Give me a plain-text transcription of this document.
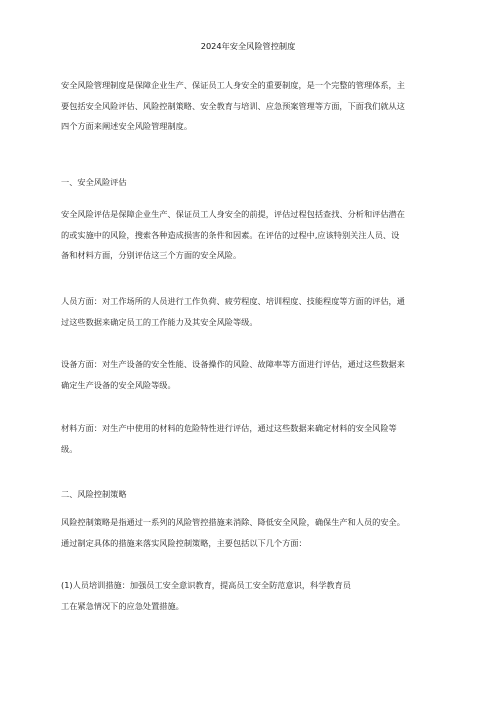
2024年安全风险管控制度
安全风险管理制度是保障企业生产、保证员工人身安全的重要制度，是一个完整的管理体系，主
要包括安全风险评估、风险控制策略、安全教育与培训、应急预案管理等方面，下面我们就从这
四个方面来阐述安全风险管理制度。
一、安全风险评估
安全风险评估是保障企业生产、保证员工人身安全的前提，评估过程包括查找、分析和评估潜在
的或实施中的风险，搜索各种造成损害的条件和因素。在评估的过程中,应该特别关注人员、设
备和材料方面，分别评估这三个方面的安全风险。
人员方面：对工作场所的人员进行工作负荷、疲劳程度、培训程度、技能程度等方面的评估，通
过这些数据来确定员工的工作能力及其安全风险等级。
设备方面：对生产设备的安全性能、设备操作的风险、故障率等方面进行评估，通过这些数据来
确定生产设备的安全风险等级。
材料方面：对生产中使用的材料的危险特性进行评估，通过这些数据来确定材料的安全风险等
级。
二、风险控制策略
风险控制策略是指通过一系列的风险管控措施来消除、降低安全风险，确保生产和人员的安全。
通过制定具体的措施来落实风险控制策略，主要包括以下几个方面：
(1)人员培训措施：加强员工安全意识教育，提高员工安全防范意识，科学教育员
工在紧急情况下的应急处置措施。
